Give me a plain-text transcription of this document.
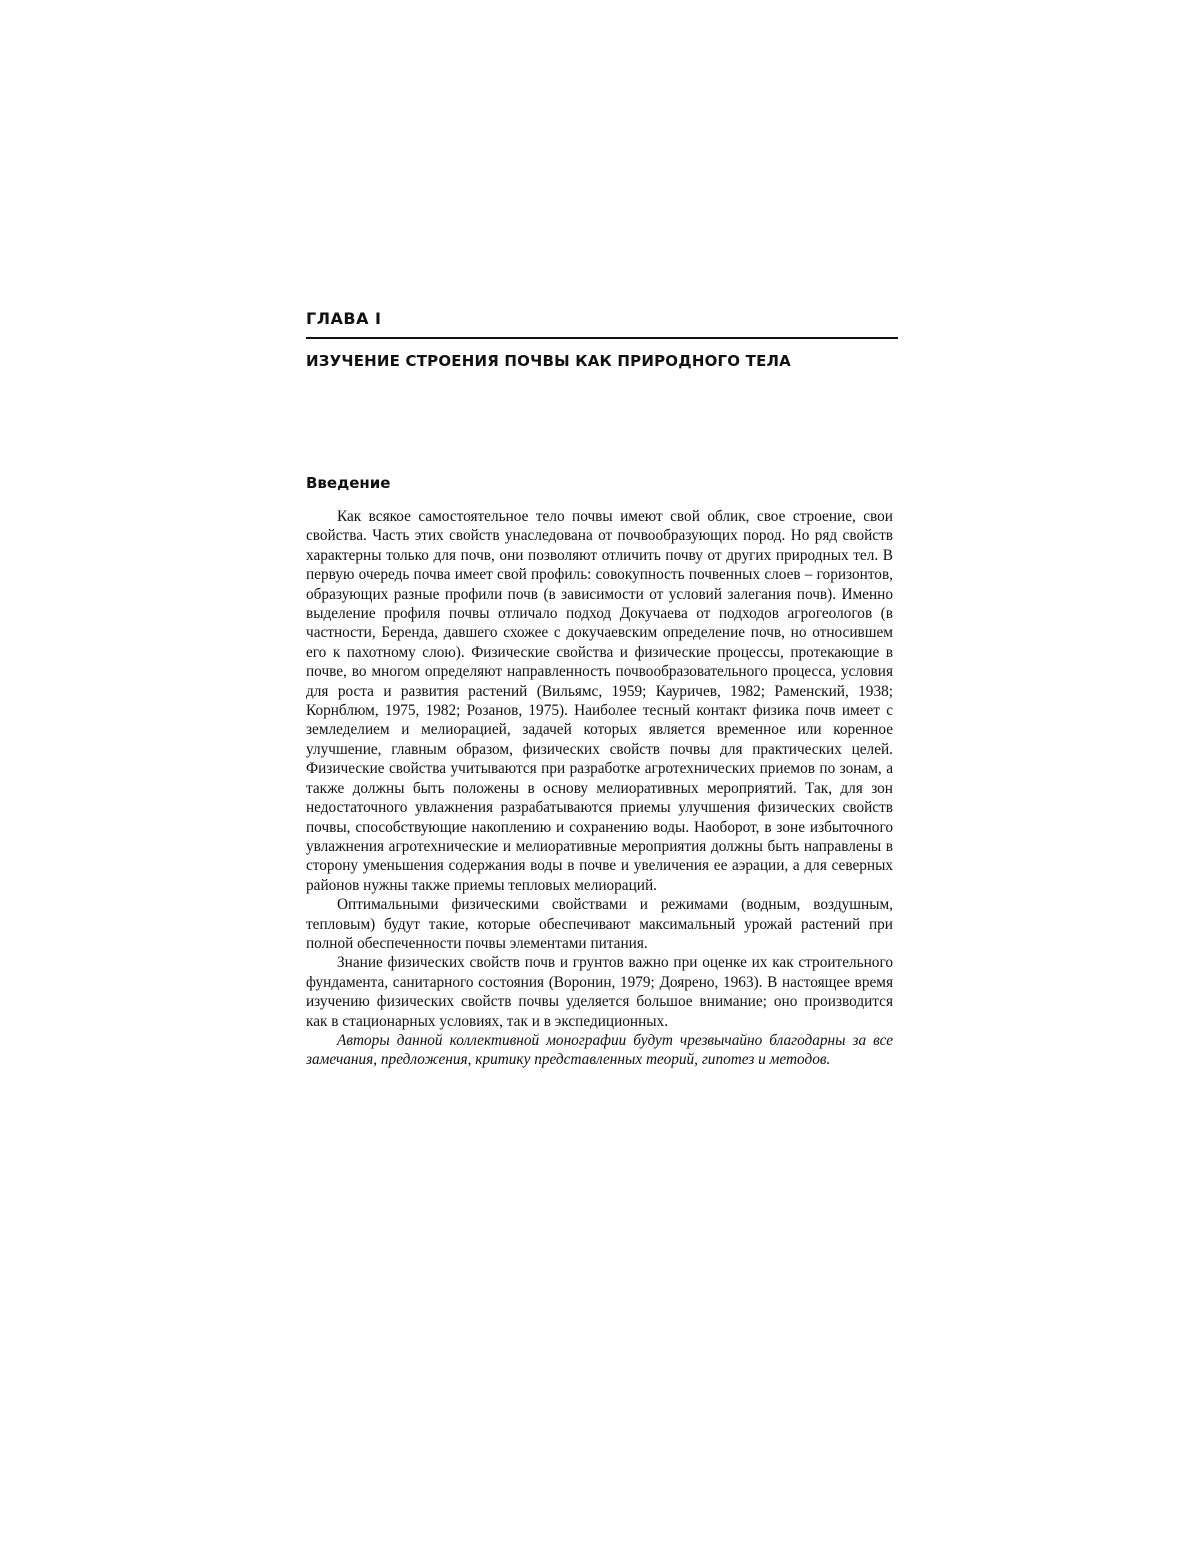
ГЛАВА I
ИЗУЧЕНИЕ СТРОЕНИЯ ПОЧВЫ КАК ПРИРОДНОГО ТЕЛА
Введение

Как всякое самостоятельное тело почвы имеют свой облик, свое строение, свои свойства. Часть этих свойств унаследована от почвообразующих пород. Но ряд свойств характерны только для почв, они позволяют отличить почву от других природных тел. В первую очередь почва имеет свой профиль: совокупность почвенных слоев – горизонтов, образующих разные профили почв (в зависимости от условий залегания почв). Именно выделение профиля почвы отличало подход Докучаева от подходов агрогеологов (в частности, Беренда, давшего схожее с докучаевским определение почв, но относившем его к пахотному слою). Физические свойства и физические процессы, протекающие в почве, во многом определяют направленность почвообразовательного процесса, условия для роста и развития растений (Вильямс, 1959; Кауричев, 1982; Раменский, 1938; Корнблюм, 1975, 1982; Розанов, 1975). Наиболее тесный контакт физика почв имеет с земледелием и мелиорацией, задачей которых является временное или коренное улучшение, главным образом, физических свойств почвы для практических целей. Физические свойства учитываются при разработке агротехнических приемов по зонам, а также должны быть положены в основу мелиоративных мероприятий. Так, для зон недостаточного увлажнения разрабатываются приемы улучшения физических свойств почвы, способствующие накоплению и сохранению воды. Наоборот, в зоне избыточного увлажнения агротехнические и мелиоративные мероприятия должны быть направлены в сторону уменьшения содержания воды в почве и увеличения ее аэрации, а для северных районов нужны также приемы тепловых мелиораций.

Оптимальными физическими свойствами и режимами (водным, воздушным, тепловым) будут такие, которые обеспечивают максимальный урожай растений при полной обеспеченности почвы элементами питания.

Знание физических свойств почв и грунтов важно при оценке их как строительного фундамента, санитарного состояния (Воронин, 1979; Доярено, 1963). В настоящее время изучению физических свойств почвы уделяется большое внимание; оно производится как в стационарных условиях, так и в экспедиционных.

Авторы данной коллективной монографии будут чрезвычайно благодарны за все замечания, предложения, критику представленных теорий, гипотез и методов.
